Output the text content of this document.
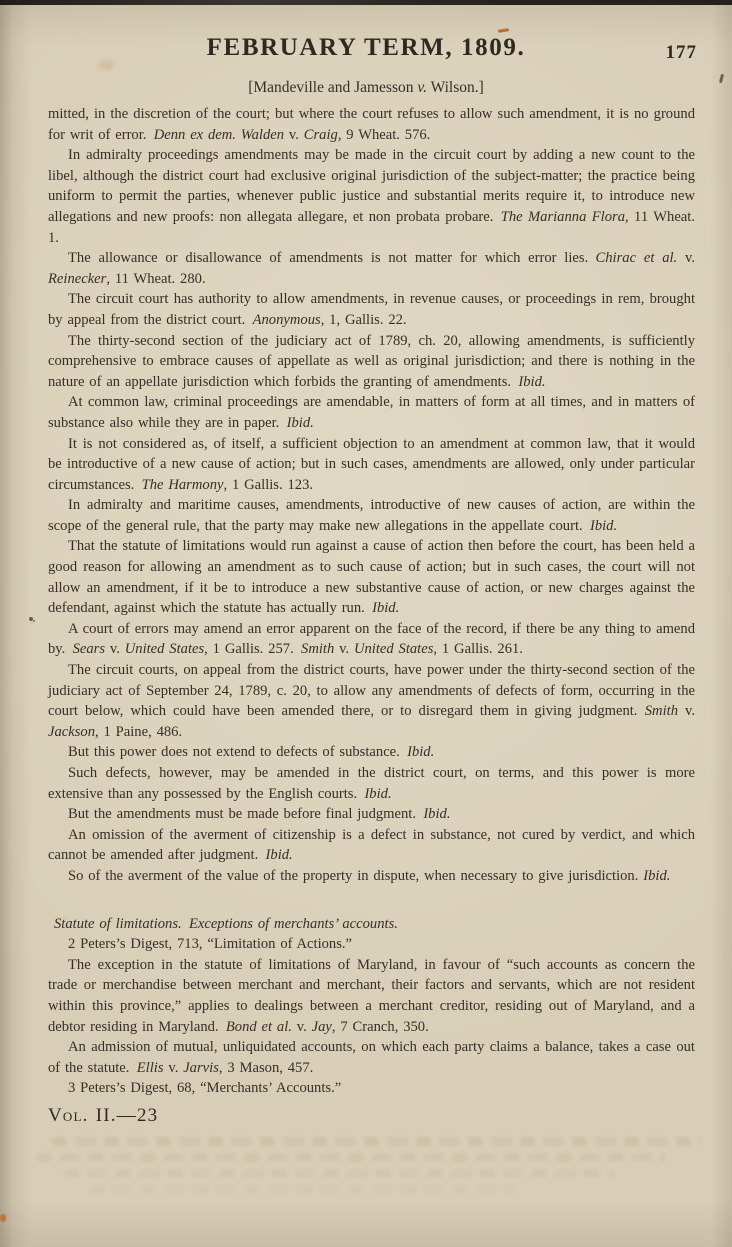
FEBRUARY TERM, 1809.	177
[Mandeville and Jamesson v. Wilson.]

mitted, in the discretion of the court; but where the court refuses to allow such amendment, it is no ground for writ of error. Denn ex dem. Walden v. Craig, 9 Wheat. 576.

In admiralty proceedings amendments may be made in the circuit court by adding a new count to the libel, although the district court had exclusive original jurisdiction of the subject-matter; the practice being uniform to permit the parties, whenever public justice and substantial merits require it, to introduce new allegations and new proofs: non allegata allegare, et non probata probare. The Marianna Flora, 11 Wheat. 1.

The allowance or disallowance of amendments is not matter for which error lies. Chirac et al. v. Reinecker, 11 Wheat. 280.

The circuit court has authority to allow amendments, in revenue causes, or proceedings in rem, brought by appeal from the district court. Anonymous, 1, Gallis. 22.

The thirty-second section of the judiciary act of 1789, ch. 20, allowing amendments, is sufficiently comprehensive to embrace causes of appellate as well as original jurisdiction; and there is nothing in the nature of an appellate jurisdiction which forbids the granting of amendments. Ibid.

At common law, criminal proceedings are amendable, in matters of form at all times, and in matters of substance also while they are in paper. Ibid.

It is not considered as, of itself, a sufficient objection to an amendment at common law, that it would be introductive of a new cause of action; but in such cases, amendments are allowed, only under particular circumstances. The Harmony, 1 Gallis. 123.

In admiralty and maritime causes, amendments, introductive of new causes of action, are within the scope of the general rule, that the party may make new allegations in the appellate court. Ibid.

That the statute of limitations would run against a cause of action then before the court, has been held a good reason for allowing an amendment as to such cause of action; but in such cases, the court will not allow an amendment, if it be to introduce a new substantive cause of action, or new charges against the defendant, against which the statute has actually run. Ibid.

A court of errors may amend an error apparent on the face of the record, if there be any thing to amend by. Sears v. United States, 1 Gallis. 257. Smith v. United States, 1 Gallis. 261.

The circuit courts, on appeal from the district courts, have power under the thirty-second section of the judiciary act of September 24, 1789, c. 20, to allow any amendments of defects of form, occurring in the court below, which could have been amended there, or to disregard them in giving judgment. Smith v. Jackson, 1 Paine, 486.

But this power does not extend to defects of substance. Ibid.

Such defects, however, may be amended in the district court, on terms, and this power is more extensive than any possessed by the English courts. Ibid.

But the amendments must be made before final judgment. Ibid.

An omission of the averment of citizenship is a defect in substance, not cured by verdict, and which cannot be amended after judgment. Ibid.

So of the averment of the value of the property in dispute, when necessary to give jurisdiction. Ibid.

Statute of limitations. Exceptions of merchants’ accounts.

2 Peters’s Digest, 713, “Limitation of Actions.”

The exception in the statute of limitations of Maryland, in favour of “such accounts as concern the trade or merchandise between merchant and merchant, their factors and servants, which are not resident within this province,” applies to dealings between a merchant creditor, residing out of Maryland, and a debtor residing in Maryland. Bond et al. v. Jay, 7 Cranch, 350.

An admission of mutual, unliquidated accounts, on which each party claims a balance, takes a case out of the statute. Ellis v. Jarvis, 3 Mason, 457.

3 Peters’s Digest, 68, “Merchants’ Accounts.”

Vol. II.—23
